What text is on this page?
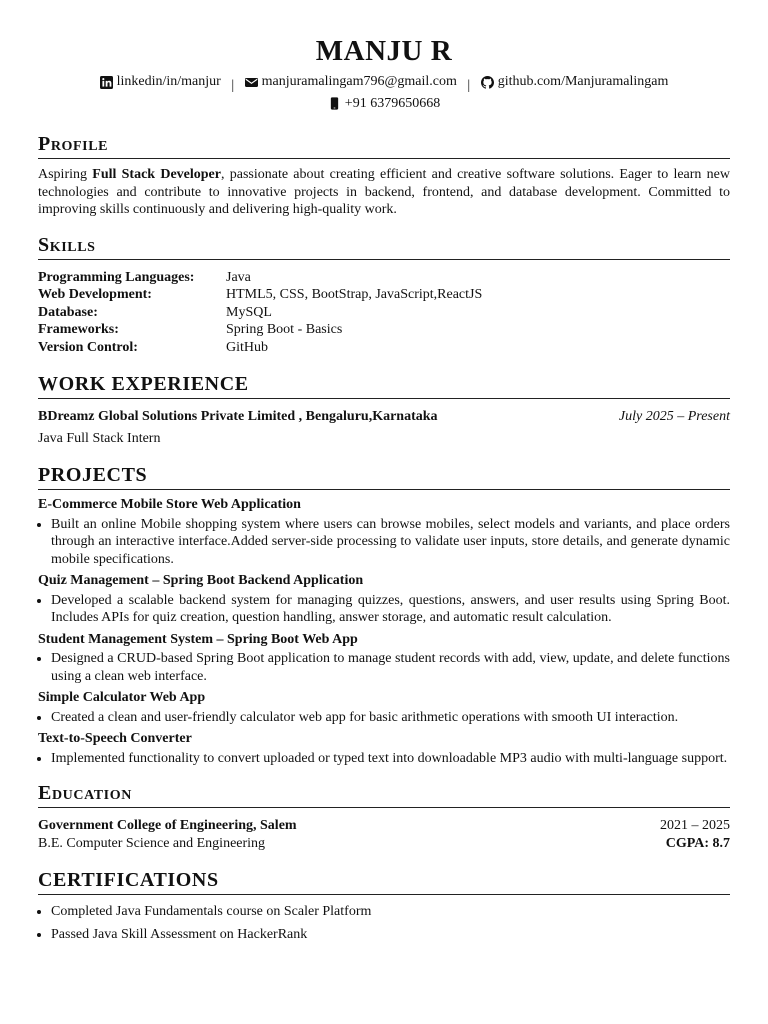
MANJU R
linkedin/in/manjur | manjuramalingam796@gmail.com | github.com/Manjuramalingam

+91 6379650668
Profile

Aspiring Full Stack Developer, passionate about creating efficient and creative software solutions. Eager to learn new technologies and contribute to innovative projects in backend, frontend, and database development. Committed to improving skills continuously and delivering high-quality work.

Skills
Programming Languages:	Java
Web Development:	HTML5, CSS, BootStrap, JavaScript,ReactJS
Database:	MySQL
Frameworks:	Spring Boot - Basics
Version Control:	GitHub
WORK EXPERIENCE
BDreamz Global Solutions Private Limited , Bengaluru,Karnataka	July 2025 – Present
Java Full Stack Intern
PROJECTS
E-Commerce Mobile Store Web Application
• Built an online Mobile shopping system where users can browse mobiles, select models and variants, and place orders through an interactive interface.Added server-side processing to validate user inputs, store details, and generate dynamic mobile specifications.
Quiz Management – Spring Boot Backend Application
• Developed a scalable backend system for managing quizzes, questions, answers, and user results using Spring Boot. Includes APIs for quiz creation, question handling, answer storage, and automatic result calculation.
Student Management System – Spring Boot Web App
• Designed a CRUD-based Spring Boot application to manage student records with add, view, update, and delete functions using a clean web interface.
Simple Calculator Web App
• Created a clean and user-friendly calculator web app for basic arithmetic operations with smooth UI interaction.
Text-to-Speech Converter
• Implemented functionality to convert uploaded or typed text into downloadable MP3 audio with multi-language support.
Education
Government College of Engineering, Salem	2021 – 2025
B.E. Computer Science and Engineering	CGPA: 8.7
CERTIFICATIONS
• Completed Java Fundamentals course on Scaler Platform
• Passed Java Skill Assessment on HackerRank
